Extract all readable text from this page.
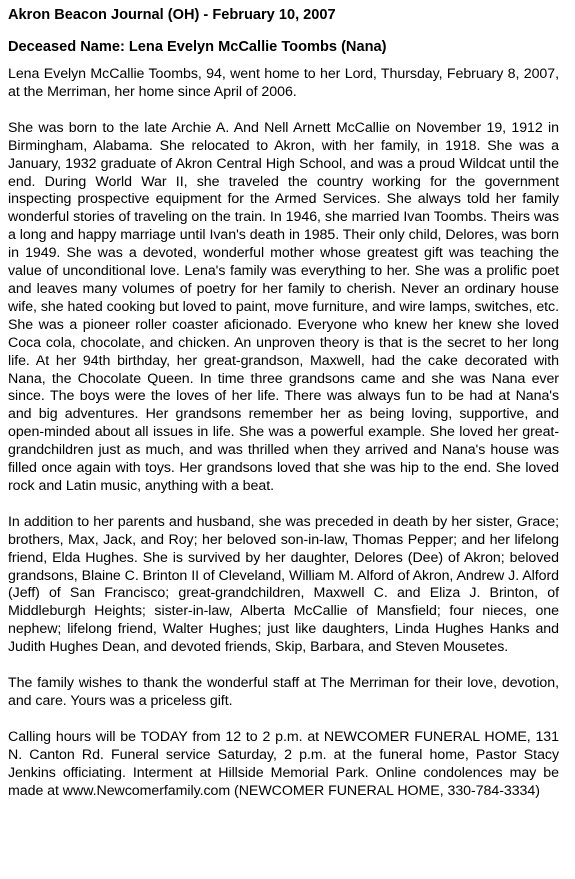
Akron Beacon Journal (OH) - February 10, 2007

Deceased Name: Lena Evelyn McCallie Toombs (Nana)

Lena Evelyn McCallie Toombs, 94, went home to her Lord, Thursday, February 8, 2007, at the Merriman, her home since April of 2006.

She was born to the late Archie A. And Nell Arnett McCallie on November 19, 1912 in Birmingham, Alabama. She relocated to Akron, with her family, in 1918. She was a January, 1932 graduate of Akron Central High School, and was a proud Wildcat until the end. During World War II, she traveled the country working for the government inspecting prospective equipment for the Armed Services. She always told her family wonderful stories of traveling on the train. In 1946, she married Ivan Toombs. Theirs was a long and happy marriage until Ivan's death in 1985. Their only child, Delores, was born in 1949. She was a devoted, wonderful mother whose greatest gift was teaching the value of unconditional love. Lena's family was everything to her. She was a prolific poet and leaves many volumes of poetry for her family to cherish. Never an ordinary house wife, she hated cooking but loved to paint, move furniture, and wire lamps, switches, etc. She was a pioneer roller coaster aficionado. Everyone who knew her knew she loved Coca cola, chocolate, and chicken. An unproven theory is that is the secret to her long life. At her 94th birthday, her great-grandson, Maxwell, had the cake decorated with Nana, the Chocolate Queen. In time three grandsons came and she was Nana ever since. The boys were the loves of her life. There was always fun to be had at Nana's and big adventures. Her grandsons remember her as being loving, supportive, and open-minded about all issues in life. She was a powerful example. She loved her great-grandchildren just as much, and was thrilled when they arrived and Nana's house was filled once again with toys. Her grandsons loved that she was hip to the end. She loved rock and Latin music, anything with a beat.

In addition to her parents and husband, she was preceded in death by her sister, Grace; brothers, Max, Jack, and Roy; her beloved son-in-law, Thomas Pepper; and her lifelong friend, Elda Hughes. She is survived by her daughter, Delores (Dee) of Akron; beloved grandsons, Blaine C. Brinton II of Cleveland, William M. Alford of Akron, Andrew J. Alford (Jeff) of San Francisco; great-grandchildren, Maxwell C. and Eliza J. Brinton, of Middleburgh Heights; sister-in-law, Alberta McCallie of Mansfield; four nieces, one nephew; lifelong friend, Walter Hughes; just like daughters, Linda Hughes Hanks and Judith Hughes Dean, and devoted friends, Skip, Barbara, and Steven Mousetes.

The family wishes to thank the wonderful staff at The Merriman for their love, devotion, and care. Yours was a priceless gift.

Calling hours will be TODAY from 12 to 2 p.m. at NEWCOMER FUNERAL HOME, 131 N. Canton Rd. Funeral service Saturday, 2 p.m. at the funeral home, Pastor Stacy Jenkins officiating. Interment at Hillside Memorial Park. Online condolences may be made at www.Newcomerfamily.com (NEWCOMER FUNERAL HOME, 330-784-3334)
